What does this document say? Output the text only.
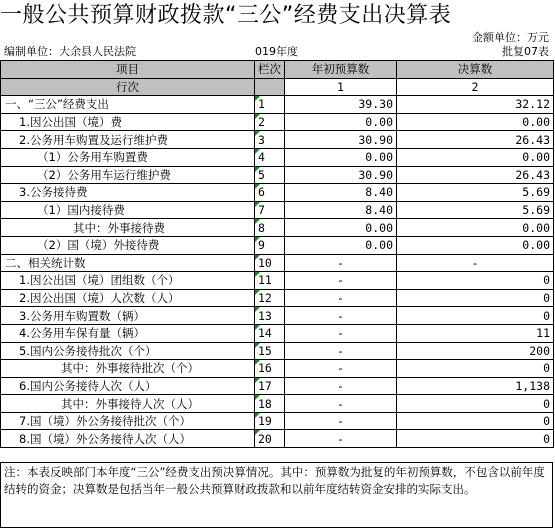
一般公共预算财政拨款“三公”经费支出决算表
金额单位：万元
编制单位：大余县人民法院	019年度	批复07表
项目	栏次	年初预算数	决算数
行次		1	2
一、“三公”经费支出	1	39.30	32.12
1.因公出国（境）费	2	0.00	0.00
2.公务用车购置及运行维护费	3	30.90	26.43
（1）公务用车购置费	4	0.00	0.00
（2）公务用车运行维护费	5	30.90	26.43
3.公务接待费	6	8.40	5.69
（1）国内接待费	7	8.40	5.69
其中：外事接待费	8	0.00	0.00
（2）国（境）外接待费	9	0.00	0.00
二、相关统计数	10	-	-
1.因公出国（境）团组数（个）	11	-	0
2.因公出国（境）人次数（人）	12	-	0
3.公务用车购置数（辆）	13	-	0
4.公务用车保有量（辆）	14	-	11
5.国内公务接待批次（个）	15	-	200
其中：外事接待批次（个）	16	-	0
6.国内公务接待人次（人）	17	-	1,138
其中：外事接待人次（人）	18	-	0
7.国（境）外公务接待批次（个）	19	-	0
8.国（境）外公务接待人次（人）	20	-	0
注：本表反映部门本年度“三公”经费支出预决算情况。其中：预算数为批复的年初预算数，不包含以前年度结转的资金；决算数是包括当年一般公共预算财政拨款和以前年度结转资金安排的实际支出。
